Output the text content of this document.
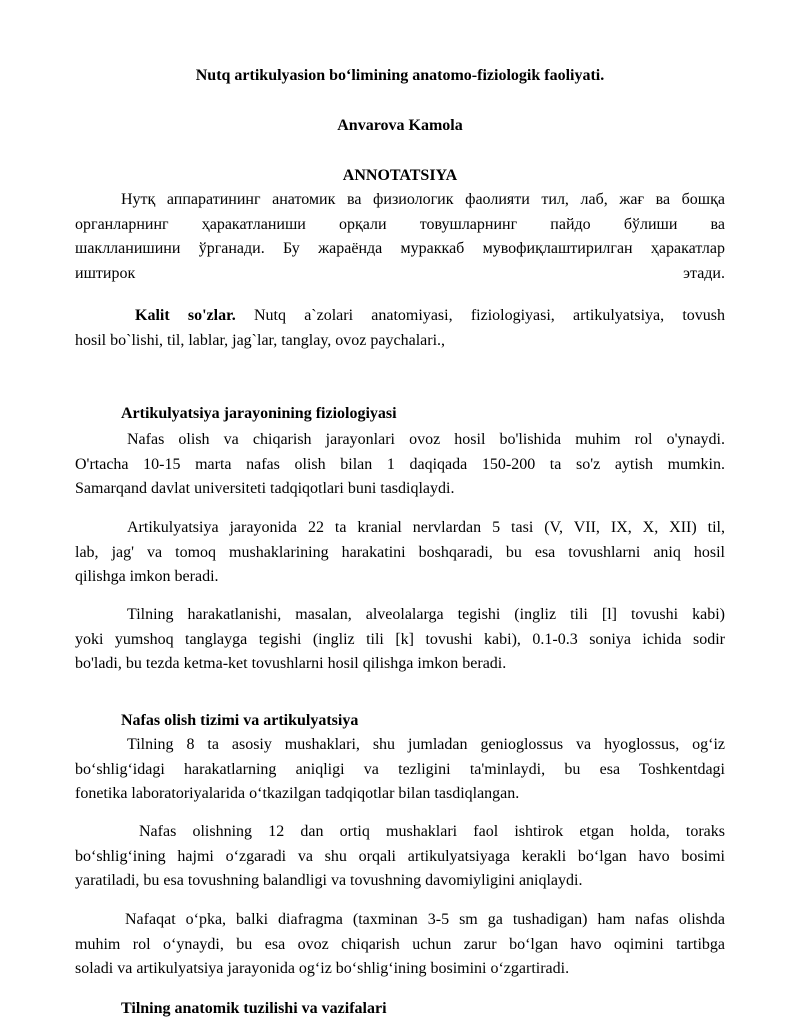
Nutq artikulyasion bo‘limining anatomo-fiziologik faoliyati.

Anvarova Kamola

ANNOTATSIYA

Нутқ аппаратининг анатомик ва физиологик фаолияти тил, лаб, жағ ва бошқа
органларнинг ҳаракатланиши орқали товушларнинг пайдо бўлиши ва
шаклланишини ўрганади. Бу жараёнда мураккаб мувофиқлаштирилган ҳаракатлар
иштирок этади.
Kalit so'zlar. Nutq a`zolari anatomiyasi, fiziologiyasi, artikulyatsiya, tovush
hosil bo`lishi, til, lablar, jag`lar, tanglay, ovoz paychalari.,

Artikulyatsiya jarayonining fiziologiyasi

Nafas olish va chiqarish jarayonlari ovoz hosil bo'lishida muhim rol o'ynaydi.
O'rtacha 10-15 marta nafas olish bilan 1 daqiqada 150-200 ta so'z aytish mumkin.
Samarqand davlat universiteti tadqiqotlari buni tasdiqlaydi.
Artikulyatsiya jarayonida 22 ta kranial nervlardan 5 tasi (V, VII, IX, X, XII) til,
lab, jag' va tomoq mushaklarining harakatini boshqaradi, bu esa tovushlarni aniq hosil
qilishga imkon beradi.
Tilning harakatlanishi, masalan, alveolalarga tegishi (ingliz tili [l] tovushi kabi)
yoki yumshoq tanglayga tegishi (ingliz tili [k] tovushi kabi), 0.1-0.3 soniya ichida sodir
bo'ladi, bu tezda ketma-ket tovushlarni hosil qilishga imkon beradi.

Nafas olish tizimi va artikulyatsiya

Tilning 8 ta asosiy mushaklari, shu jumladan genioglossus va hyoglossus, og‘iz
bo‘shlig‘idagi harakatlarning aniqligi va tezligini ta'minlaydi, bu esa Toshkentdagi
fonetika laboratoriyalarida o‘tkazilgan tadqiqotlar bilan tasdiqlangan.
Nafas olishning 12 dan ortiq mushaklari faol ishtirok etgan holda, toraks
bo‘shlig‘ining hajmi o‘zgaradi va shu orqali artikulyatsiyaga kerakli bo‘lgan havo bosimi
yaratiladi, bu esa tovushning balandligi va tovushning davomiyligini aniqlaydi.
Nafaqat o‘pka, balki diafragma (taxminan 3-5 sm ga tushadigan) ham nafas olishda
muhim rol o‘ynaydi, bu esa ovoz chiqarish uchun zarur bo‘lgan havo oqimini tartibga
soladi va artikulyatsiya jarayonida og‘iz bo‘shlig‘ining bosimini o‘zgartiradi.

Tilning anatomik tuzilishi va vazifalari
